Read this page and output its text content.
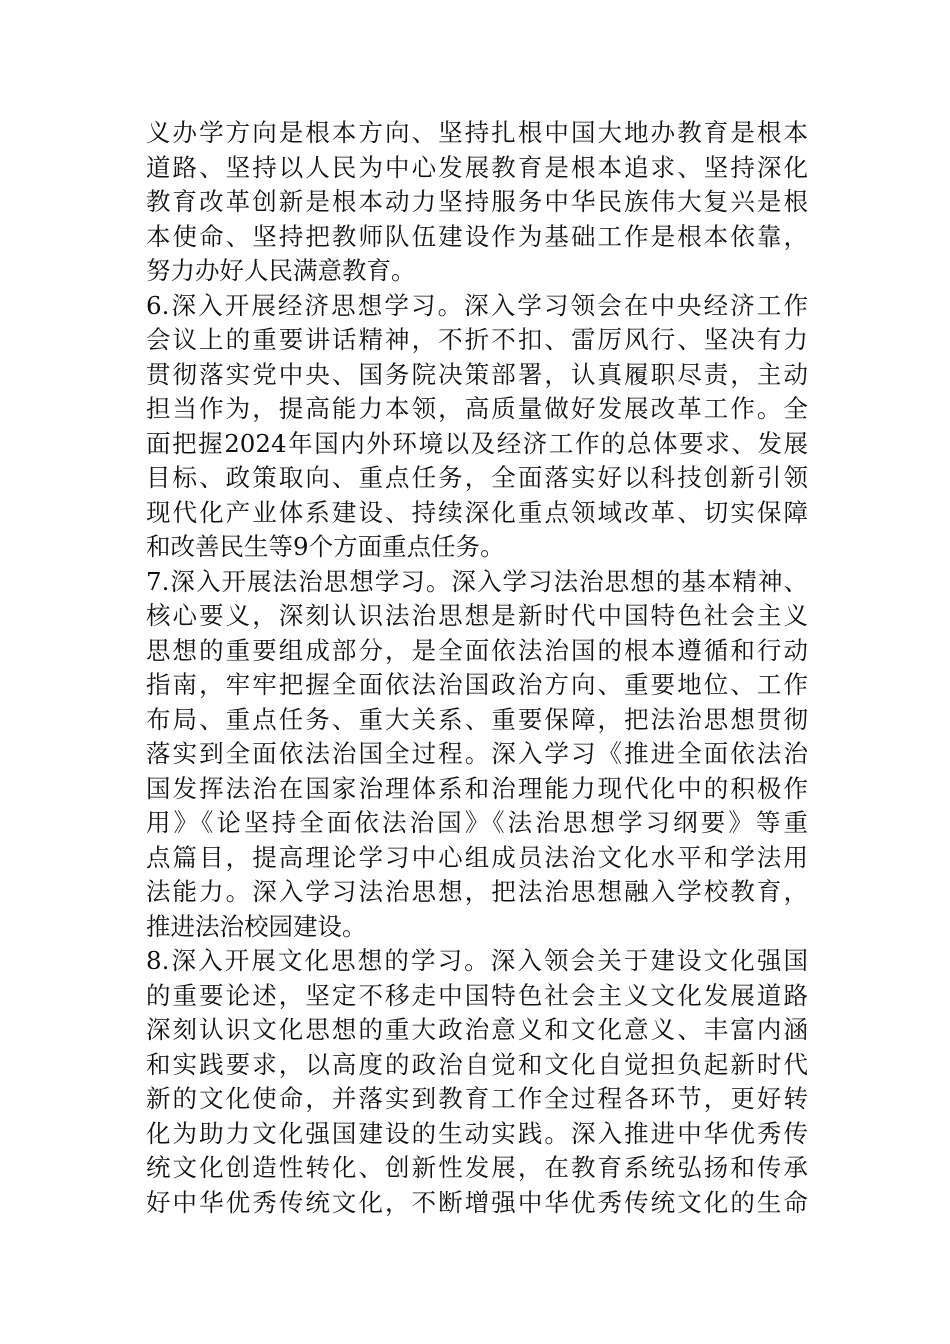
义办学方向是根本方向、坚持扎根中国大地办教育是根本
道路、坚持以人民为中心发展教育是根本追求、坚持深化
教育改革创新是根本动力坚持服务中华民族伟大复兴是根
本使命、坚持把教师队伍建设作为基础工作是根本依靠，
努力办好人民满意教育。
6.深入开展经济思想学习。深入学习领会在中央经济工作
会议上的重要讲话精神，不折不扣、雷厉风行、坚决有力
贯彻落实党中央、国务院决策部署，认真履职尽责，主动
担当作为，提高能力本领，高质量做好发展改革工作。全
面把握2024年国内外环境以及经济工作的总体要求、发展
目标、政策取向、重点任务，全面落实好以科技创新引领
现代化产业体系建设、持续深化重点领域改革、切实保障
和改善民生等9个方面重点任务。
7.深入开展法治思想学习。深入学习法治思想的基本精神、
核心要义，深刻认识法治思想是新时代中国特色社会主义
思想的重要组成部分，是全面依法治国的根本遵循和行动
指南，牢牢把握全面依法治国政治方向、重要地位、工作
布局、重点任务、重大关系、重要保障，把法治思想贯彻
落实到全面依法治国全过程。深入学习《推进全面依法治
国发挥法治在国家治理体系和治理能力现代化中的积极作
用》《论坚持全面依法治国》《法治思想学习纲要》等重
点篇目，提高理论学习中心组成员法治文化水平和学法用
法能力。深入学习法治思想，把法治思想融入学校教育，
推进法治校园建设。
8.深入开展文化思想的学习。深入领会关于建设文化强国
的重要论述，坚定不移走中国特色社会主义文化发展道路
深刻认识文化思想的重大政治意义和文化意义、丰富内涵
和实践要求，以高度的政治自觉和文化自觉担负起新时代
新的文化使命，并落实到教育工作全过程各环节，更好转
化为助力文化强国建设的生动实践。深入推进中华优秀传
统文化创造性转化、创新性发展，在教育系统弘扬和传承
好中华优秀传统文化，不断增强中华优秀传统文化的生命
